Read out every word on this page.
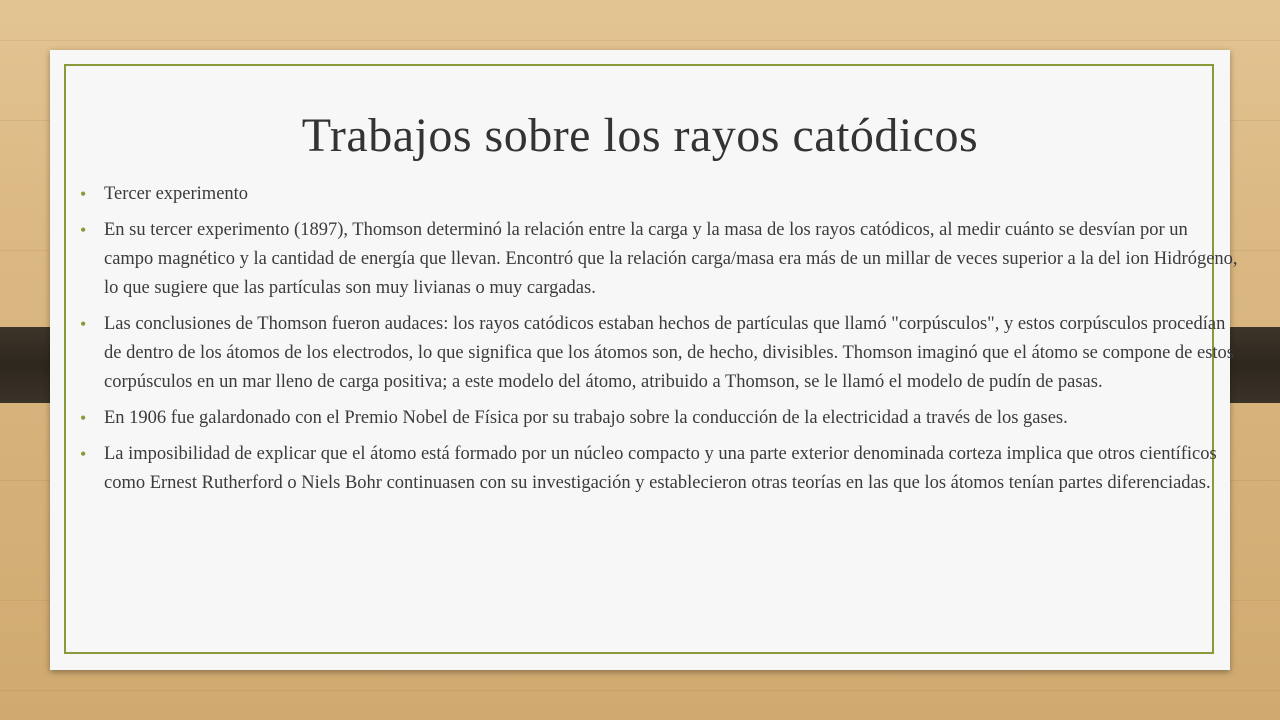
Trabajos sobre los rayos catódicos
• Tercer experimento
• En su tercer experimento (1897), Thomson determinó la relación entre la carga y la masa de los rayos catódicos, al medir cuánto se desvían por un campo magnético y la cantidad de energía que llevan. Encontró que la relación carga/masa era más de un millar de veces superior a la del ion Hidrógeno, lo que sugiere que las partículas son muy livianas o muy cargadas.
• Las conclusiones de Thomson fueron audaces: los rayos catódicos estaban hechos de partículas que llamó "corpúsculos", y estos corpúsculos procedían de dentro de los átomos de los electrodos, lo que significa que los átomos son, de hecho, divisibles. Thomson imaginó que el átomo se compone de estos corpúsculos en un mar lleno de carga positiva; a este modelo del átomo, atribuido a Thomson, se le llamó el modelo de pudín de pasas.
• En 1906 fue galardonado con el Premio Nobel de Física por su trabajo sobre la conducción de la electricidad a través de los gases.
• La imposibilidad de explicar que el átomo está formado por un núcleo compacto y una parte exterior denominada corteza implica que otros científicos como Ernest Rutherford o Niels Bohr continuasen con su investigación y establecieron otras teorías en las que los átomos tenían partes diferenciadas.
